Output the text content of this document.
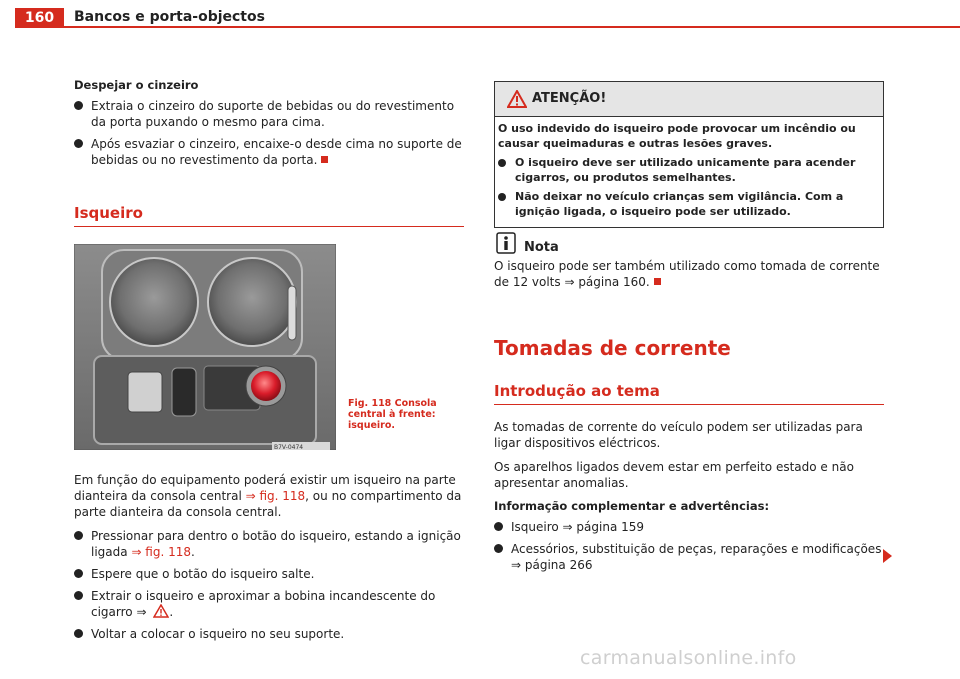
160	Bancos e porta-objectos
Despejar o cinzeiro
Extraia o cinzeiro do suporte de bebidas ou do revestimento da porta puxando o mesmo para cima.
Após esvaziar o cinzeiro, encaixe-o desde cima no suporte de bebidas ou no revestimento da porta.
Isqueiro
B7V-0474
Fig. 118 Consola central à frente: isqueiro.
Em função do equipamento poderá existir um isqueiro na parte dianteira da consola central ⇒ fig. 118, ou no compartimento da parte dianteira da consola central.
Pressionar para dentro o botão do isqueiro, estando a ignição ligada ⇒ fig. 118.
Espere que o botão do isqueiro salte.
Extrair o isqueiro e aproximar a bobina incandescente do cigarro ⇒ .
Voltar a colocar o isqueiro no seu suporte.
ATENÇÃO!
O uso indevido do isqueiro pode provocar um incêndio ou causar queimaduras e outras lesões graves.
O isqueiro deve ser utilizado unicamente para acender cigarros, ou produtos semelhantes.
Não deixar no veículo crianças sem vigilância. Com a ignição ligada, o isqueiro pode ser utilizado.
Nota
O isqueiro pode ser também utilizado como tomada de corrente de 12 volts ⇒ página 160.
Tomadas de corrente
Introdução ao tema
As tomadas de corrente do veículo podem ser utilizadas para ligar dispositivos eléctricos.
Os aparelhos ligados devem estar em perfeito estado e não apresentar anomalias.
Informação complementar e advertências:
Isqueiro ⇒ página 159
Acessórios, substituição de peças, reparações e modificações ⇒ página 266
carmanualsonline.info
